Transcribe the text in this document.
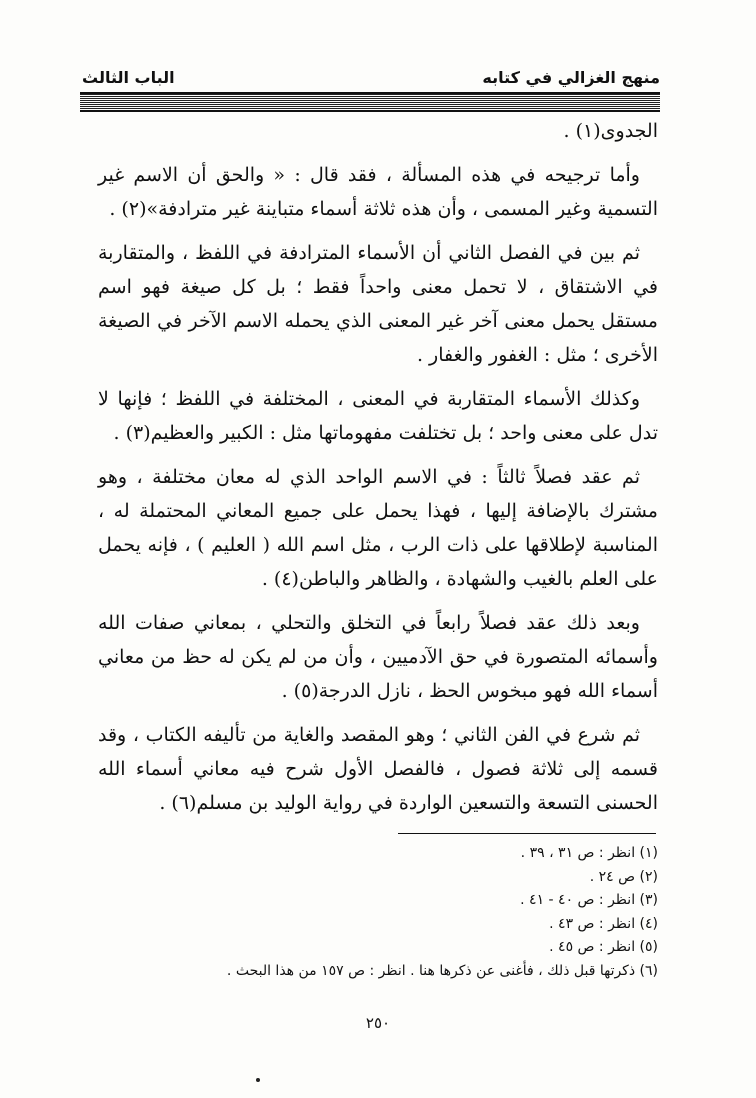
منهج الغزالي في كتابه
الباب الثالث

الجدوى(١) .

وأما ترجيحه في هذه المسألة ، فقد قال : « والحق أن الاسم غير التسمية وغير المسمى ، وأن هذه ثلاثة أسماء متباينة غير مترادفة»(٢) .

ثم بين في الفصل الثاني أن الأسماء المترادفة في اللفظ ، والمتقاربة في الاشتقاق ، لا تحمل معنى واحداً فقط ؛ بل كل صيغة فهو اسم مستقل يحمل معنى آخر غير المعنى الذي يحمله الاسم الآخر في الصيغة الأخرى ؛ مثل : الغفور والغفار .

وكذلك الأسماء المتقاربة في المعنى ، المختلفة في اللفظ ؛ فإنها لا تدل على معنى واحد ؛ بل تختلفت مفهوماتها مثل : الكبير والعظيم(٣) .

ثم عقد فصلاً ثالثاً : في الاسم الواحد الذي له معان مختلفة ، وهو مشترك بالإضافة إليها ، فهذا يحمل على جميع المعاني المحتملة له ، المناسبة لإطلاقها على ذات الرب ، مثل اسم الله ( العليم ) ، فإنه يحمل على العلم بالغيب والشهادة ، والظاهر والباطن(٤) .

وبعد ذلك عقد فصلاً رابعاً في التخلق والتحلي ، بمعاني صفات الله وأسمائه المتصورة في حق الآدميين ، وأن من لم يكن له حظ من معاني أسماء الله فهو مبخوس الحظ ، نازل الدرجة(٥) .

ثم شرع في الفن الثاني ؛ وهو المقصد والغاية من تأليفه الكتاب ، وقد قسمه إلى ثلاثة فصول ، فالفصل الأول شرح فيه معاني أسماء الله الحسنى التسعة والتسعين الواردة في رواية الوليد بن مسلم(٦) .

(١) انظر : ص ٣١ ، ٣٩ .
(٢) ص ٢٤ .
(٣) انظر : ص ٤٠ - ٤١ .
(٤) انظر : ص ٤٣ .
(٥) انظر : ص ٤٥ .
(٦) ذكرتها قبل ذلك ، فأغنى عن ذكرها هنا . انظر : ص ١٥٧ من هذا البحث .
٢٥٠
